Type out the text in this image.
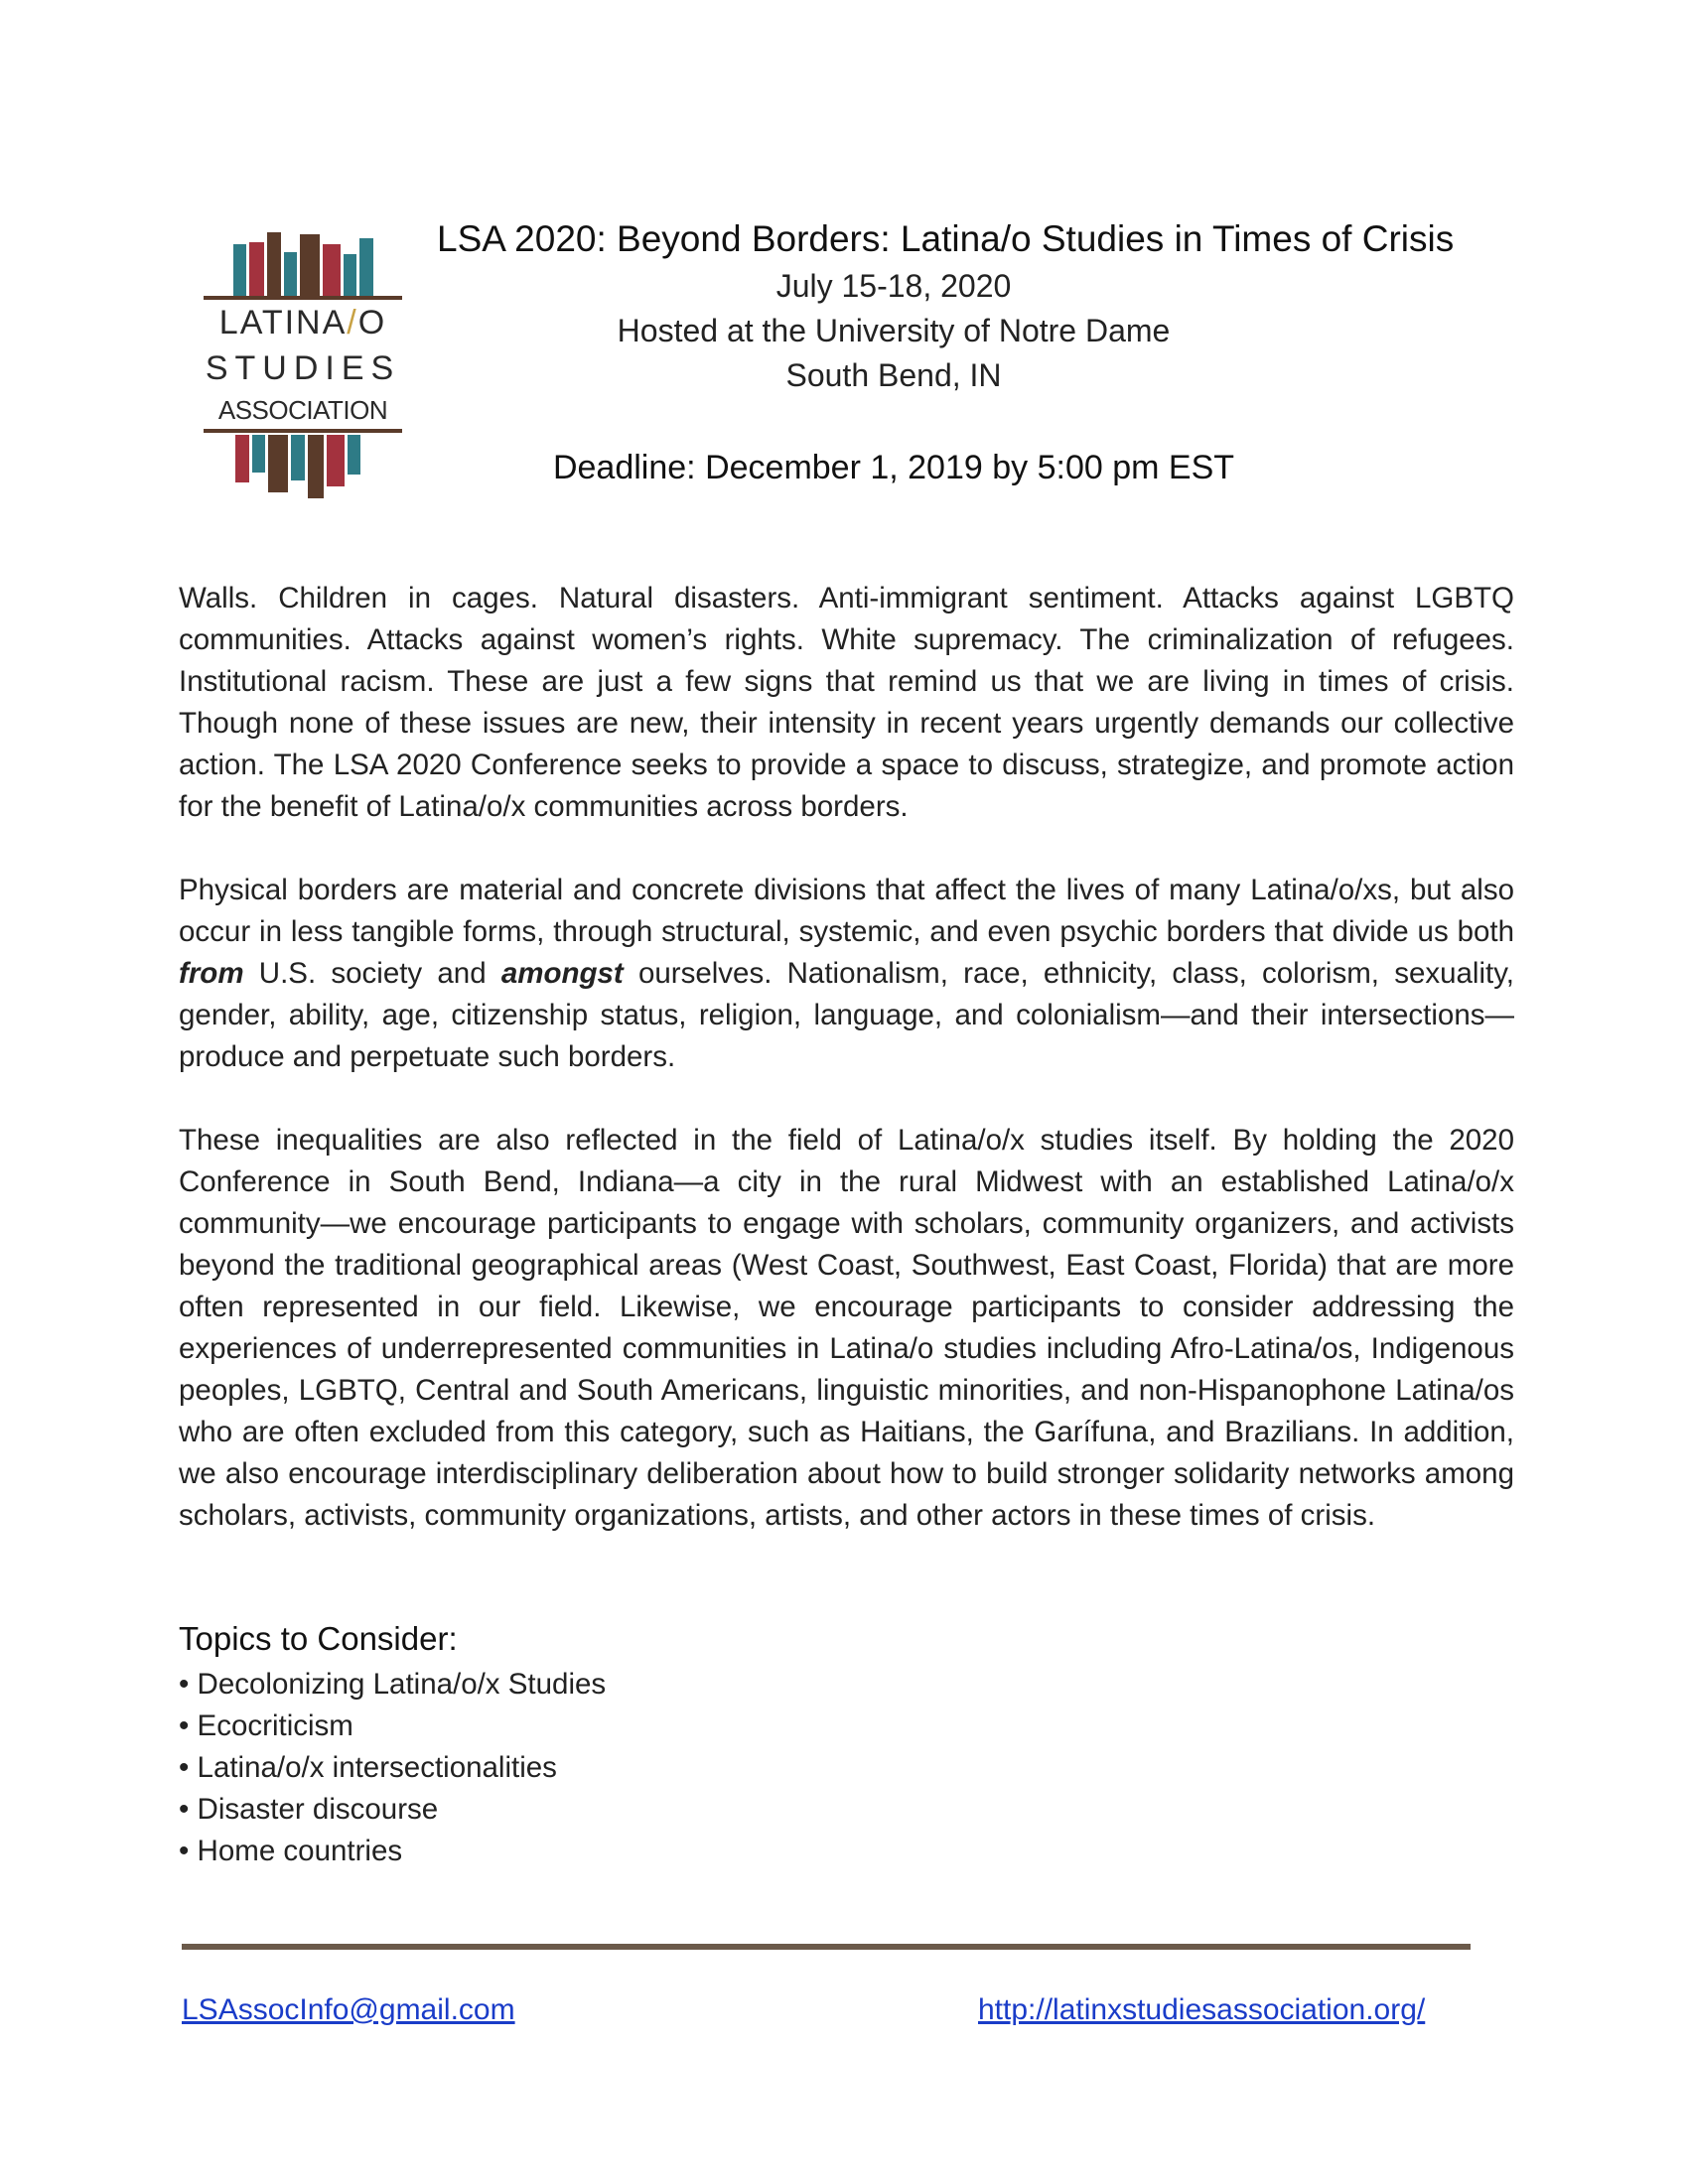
LATINA/O
STUDIES
ASSOCIATION
LSA 2020: Beyond Borders: Latina/o Studies in Times of Crisis
July 15-18, 2020
Hosted at the University of Notre Dame
South Bend, IN
Deadline: December 1, 2019 by 5:00 pm EST

Walls. Children in cages. Natural disasters. Anti-immigrant sentiment. Attacks against LGBTQ communities. Attacks against women’s rights. White supremacy. The criminalization of refugees. Institutional racism. These are just a few signs that remind us that we are living in times of crisis. Though none of these issues are new, their intensity in recent years urgently demands our collective action. The LSA 2020 Conference seeks to provide a space to discuss, strategize, and promote action for the benefit of Latina/o/x communities across borders.

Physical borders are material and concrete divisions that affect the lives of many Latina/o/xs, but also occur in less tangible forms, through structural, systemic, and even psychic borders that divide us both from U.S. society and amongst ourselves. Nationalism, race, ethnicity, class, colorism, sexuality, gender, ability, age, citizenship status, religion, language, and colonialism—and their intersections—produce and perpetuate such borders.

These inequalities are also reflected in the field of Latina/o/x studies itself. By holding the 2020 Conference in South Bend, Indiana—a city in the rural Midwest with an established Latina/o/x community—we encourage participants to engage with scholars, community organizers, and activists beyond the traditional geographical areas (West Coast, Southwest, East Coast, Florida) that are more often represented in our field. Likewise, we encourage participants to consider addressing the experiences of underrepresented communities in Latina/o studies including Afro-Latina/os, Indigenous peoples, LGBTQ, Central and South Americans, linguistic minorities, and non-Hispanophone Latina/os who are often excluded from this category, such as Haitians, the Garífuna, and Brazilians. In addition, we also encourage interdisciplinary deliberation about how to build stronger solidarity networks among scholars, activists, community organizations, artists, and other actors in these times of crisis.

Topics to Consider:
• Decolonizing Latina/o/x Studies
• Ecocriticism
• Latina/o/x intersectionalities
• Disaster discourse
• Home countries
LSAssocInfo@gmail.com	http://latinxstudiesassociation.org/
